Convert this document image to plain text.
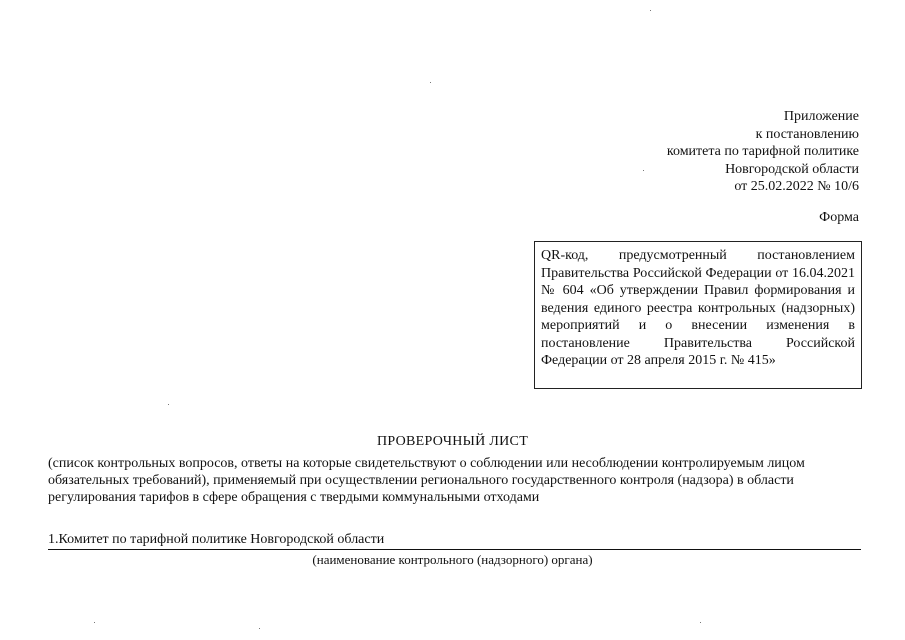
Приложение
к постановлению
комитета по тарифной политике
Новгородской области
от 25.02.2022 № 10/6
Форма
QR-код, предусмотренный постановлением Правительства Российской Федерации от 16.04.2021 № 604 «Об утверждении Правил формирования и ведения единого реестра контрольных (надзорных) мероприятий и о внесении изменения в постановление Правительства Российской Федерации от 28 апреля 2015 г. № 415»
ПРОВЕРОЧНЫЙ ЛИСТ
(список контрольных вопросов, ответы на которые свидетельствуют о соблюдении или несоблюдении контролируемым лицом обязательных требований), применяемый при осуществлении регионального государственного контроля (надзора) в области регулирования тарифов в сфере обращения с твердыми коммунальными отходами
1.Комитет по тарифной политике Новгородской области
(наименование контрольного (надзорного) органа)
